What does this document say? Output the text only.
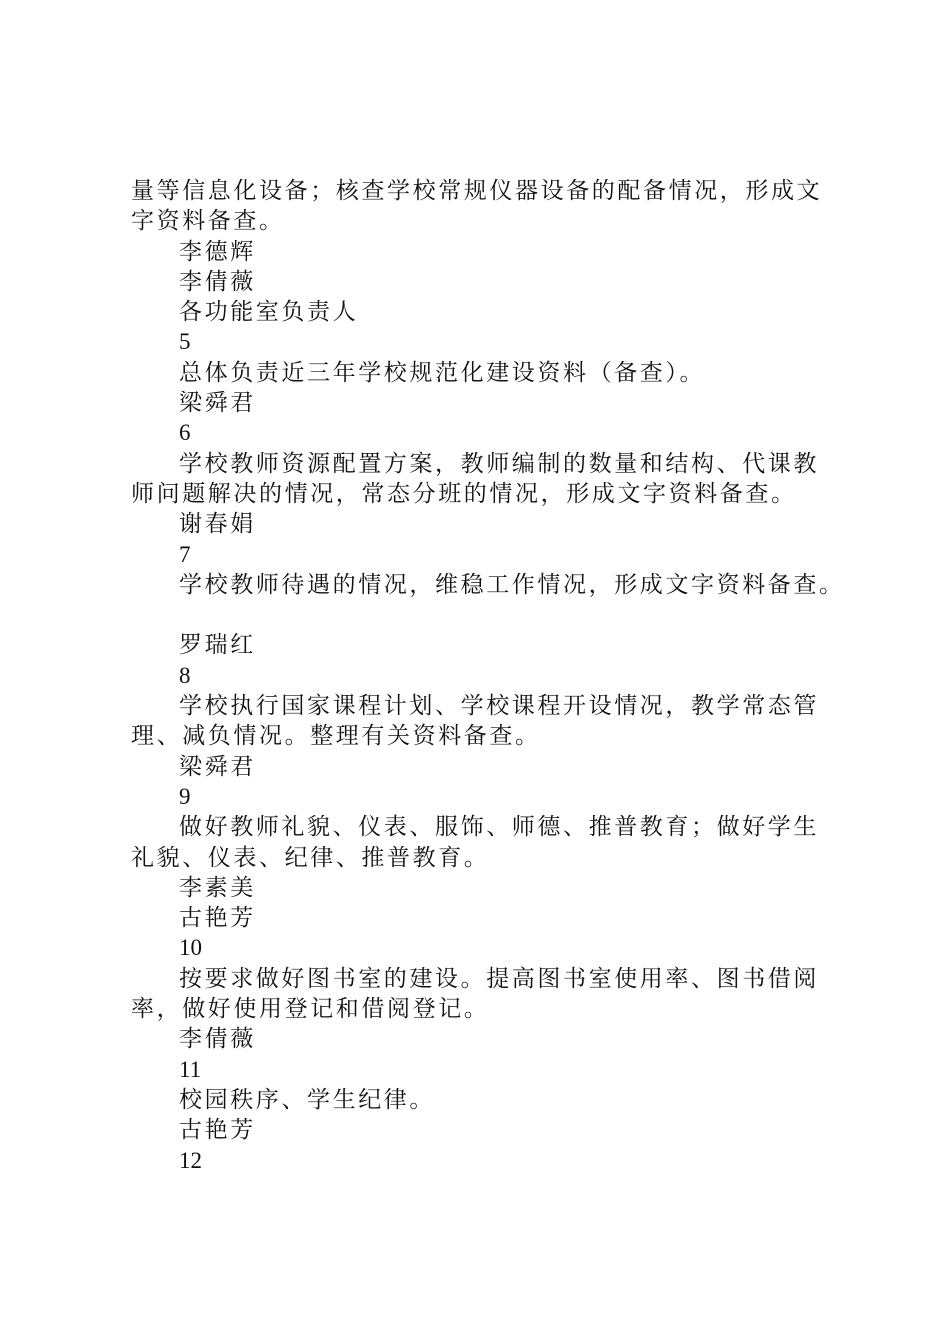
量等信息化设备；核查学校常规仪器设备的配备情况，形成文
字资料备查。
李德辉
李倩薇
各功能室负责人
5
总体负责近三年学校规范化建设资料（备查）。
梁舜君
6
学校教师资源配置方案，教师编制的数量和结构、代课教
师问题解决的情况，常态分班的情况，形成文字资料备查。
谢春娟
7
学校教师待遇的情况，维稳工作情况，形成文字资料备查。
罗瑞红
8
学校执行国家课程计划、学校课程开设情况，教学常态管
理、减负情况。整理有关资料备查。
梁舜君
9
做好教师礼貌、仪表、服饰、师德、推普教育；做好学生
礼貌、仪表、纪律、推普教育。
李素美
古艳芳
10
按要求做好图书室的建设。提高图书室使用率、图书借阅
率，做好使用登记和借阅登记。
李倩薇
11
校园秩序、学生纪律。
古艳芳
12
